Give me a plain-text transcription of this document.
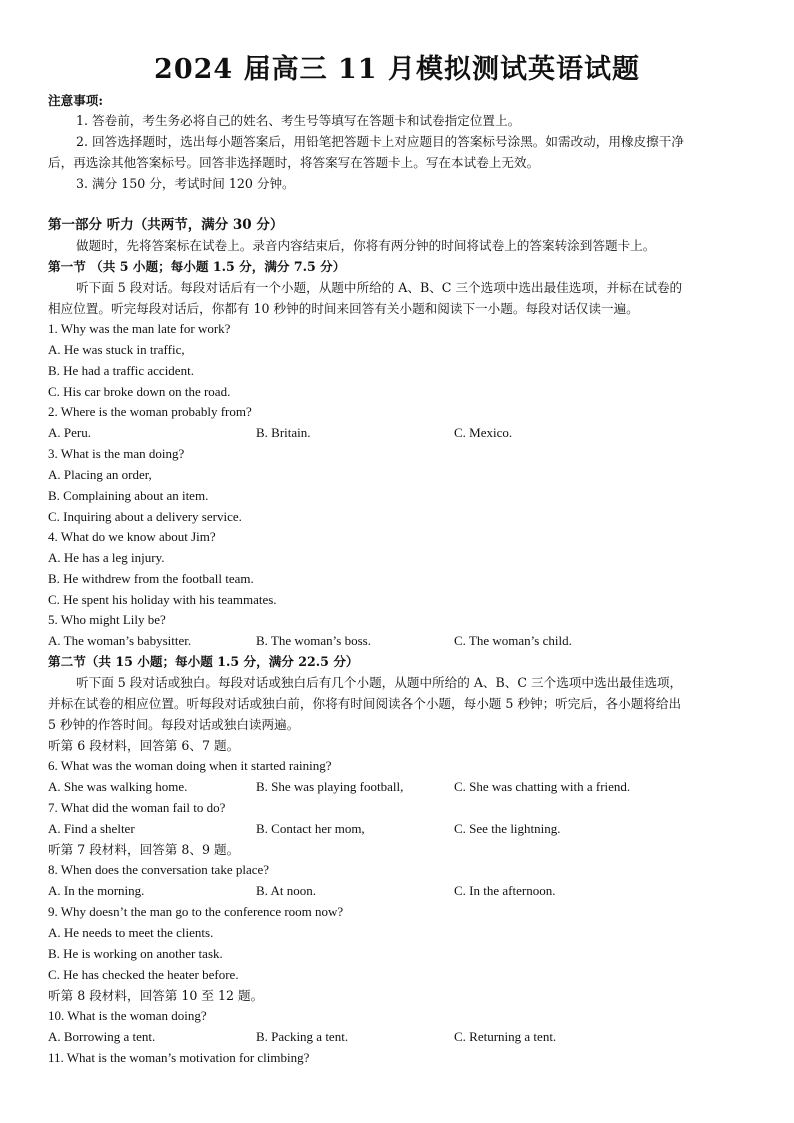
2024 届高三 11 月模拟测试英语试题
注意事项:
1. 答卷前，考生务必将自己的姓名、考生号等填写在答题卡和试卷指定位置上。
2. 回答选择题时，选出每小题答案后，用铅笔把答题卡上对应题目的答案标号涂黑。如需改动，用橡皮擦干净
后，再选涂其他答案标号。回答非选择题时，将答案写在答题卡上。写在本试卷上无效。
3. 满分 150 分，考试时间 120 分钟。
第一部分 听力（共两节，满分 30 分）
做题时，先将答案标在试卷上。录音内容结束后，你将有两分钟的时间将试卷上的答案转涂到答题卡上。
第一节 （共 5 小题；每小题 1.5 分，满分 7.5 分）
听下面 5 段对话。每段对话后有一个小题，从题中所给的 A、B、C 三个选项中选出最佳选项，并标在试卷的
相应位置。听完每段对话后，你都有 10 秒钟的时间来回答有关小题和阅读下一小题。每段对话仅读一遍。
1. Why was the man late for work?
A. He was stuck in traffic,
B. He had a traffic accident.
C. His car broke down on the road.
2. Where is the woman probably from?
A. Peru.	B. Britain.	C. Mexico.
3. What is the man doing?
A. Placing an order,
B. Complaining about an item.
C. Inquiring about a delivery service.
4. What do we know about Jim?
A. He has a leg injury.
B. He withdrew from the football team.
C. He spent his holiday with his teammates.
5. Who might Lily be?
A. The woman’s babysitter.	B. The woman’s boss.	C. The woman’s child.
第二节（共 15 小题；每小题 1.5 分，满分 22.5 分）
听下面 5 段对话或独白。每段对话或独白后有几个小题，从题中所给的 A、B、C 三个选项中选出最佳选项，
并标在试卷的相应位置。听每段对话或独白前，你将有时间阅读各个小题，每小题 5 秒钟；听完后，各小题将给出
5 秒钟的作答时间。每段对话或独白读两遍。
听第 6 段材料，回答第 6、7 题。
6. What was the woman doing when it started raining?
A. She was walking home.	B. She was playing football,	C. She was chatting with a friend.
7. What did the woman fail to do?
A. Find a shelter	B. Contact her mom,	C. See the lightning.
听第 7 段材料，回答第 8、9 题。
8. When does the conversation take place?
A. In the morning.	B. At noon.	C. In the afternoon.
9. Why doesn’t the man go to the conference room now?
A. He needs to meet the clients.
B. He is working on another task.
C. He has checked the heater before.
听第 8 段材料，回答第 10 至 12 题。
10. What is the woman doing?
A. Borrowing a tent.	B. Packing a tent.	C. Returning a tent.
11. What is the woman’s motivation for climbing?
